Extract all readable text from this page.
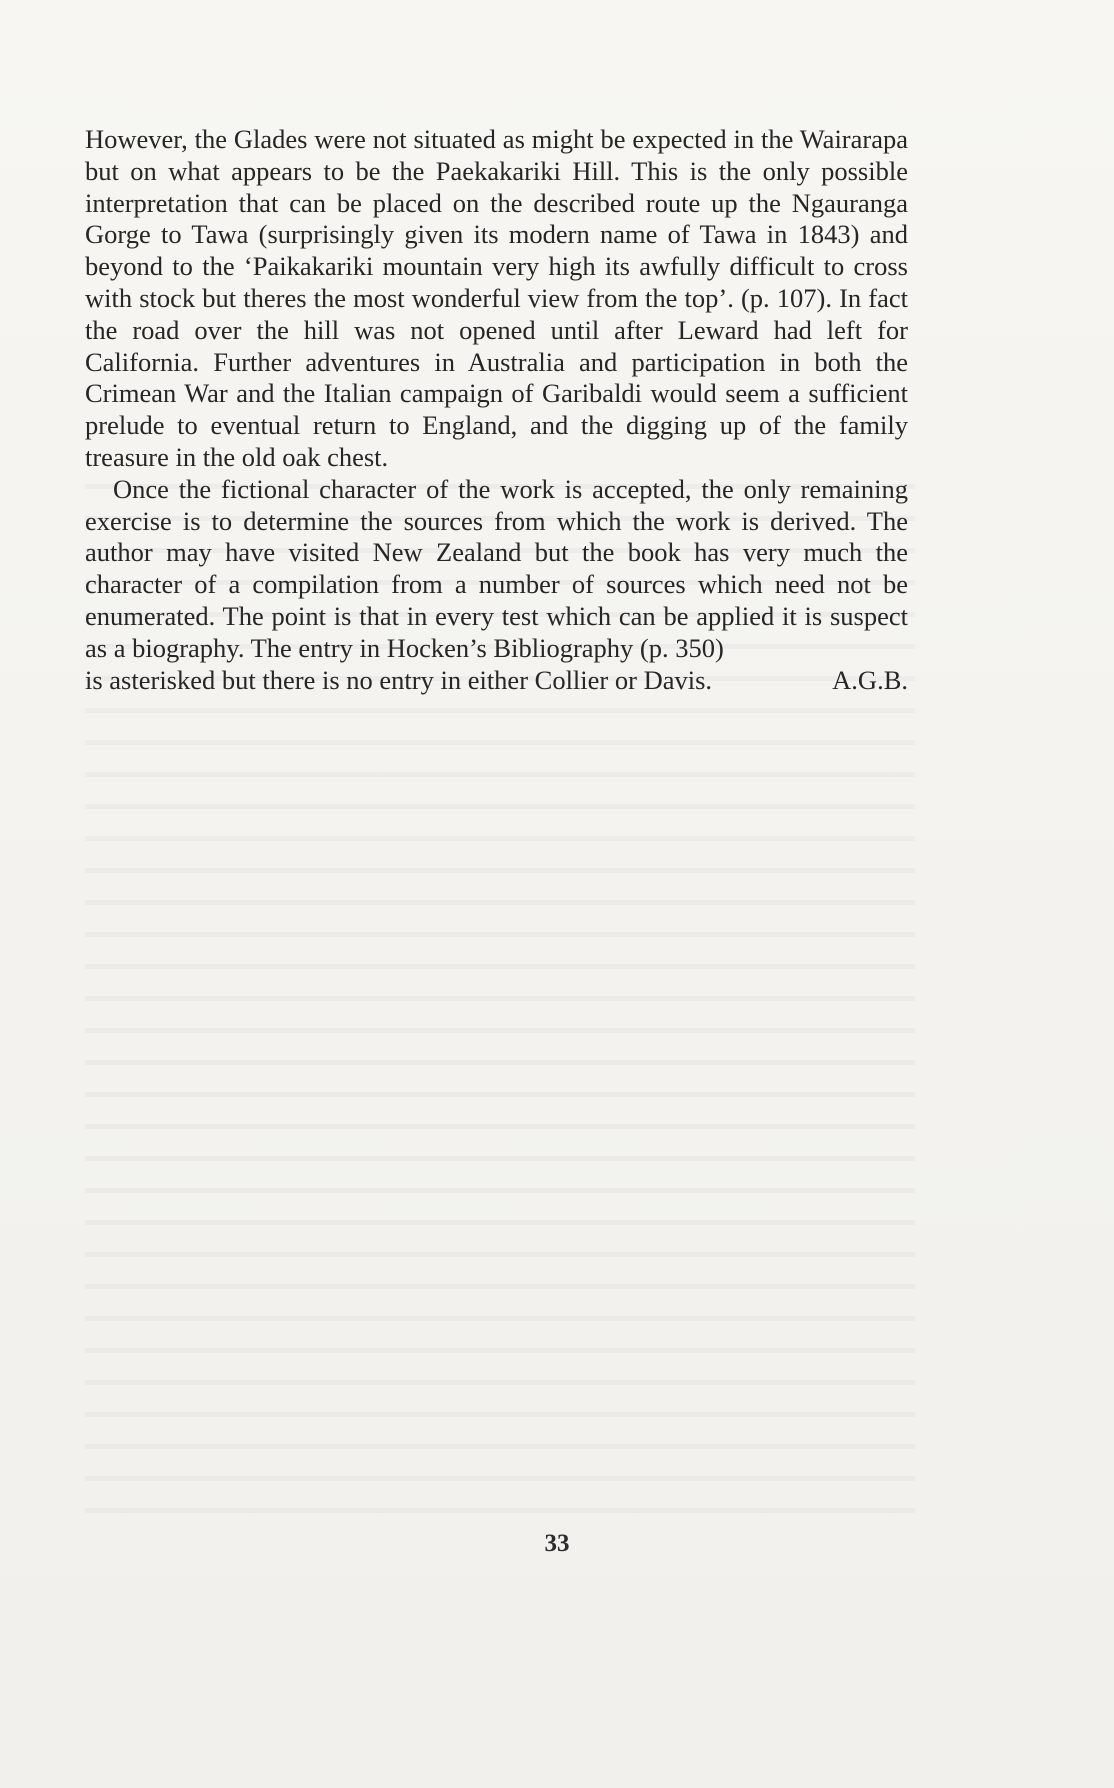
However, the Glades were not situated as might be expected in the Wairarapa but on what appears to be the Paekakariki Hill. This is the only possible interpretation that can be placed on the described route up the Ngauranga Gorge to Tawa (surprisingly given its modern name of Tawa in 1843) and beyond to the ‘Paikakariki mountain very high its awfully difficult to cross with stock but theres the most wonderful view from the top’. (p. 107). In fact the road over the hill was not opened until after Leward had left for California. Further adventures in Australia and participation in both the Crimean War and the Italian campaign of Garibaldi would seem a sufficient prelude to eventual return to England, and the digging up of the family treasure in the old oak chest.

Once the fictional character of the work is accepted, the only remaining exercise is to determine the sources from which the work is derived. The author may have visited New Zealand but the book has very much the character of a compilation from a number of sources which need not be enumerated. The point is that in every test which can be applied it is suspect as a biography. The entry in Hocken’s Bibliography (p. 350)

is asterisked but there is no entry in either Collier or Davis.	A.G.B.
33
